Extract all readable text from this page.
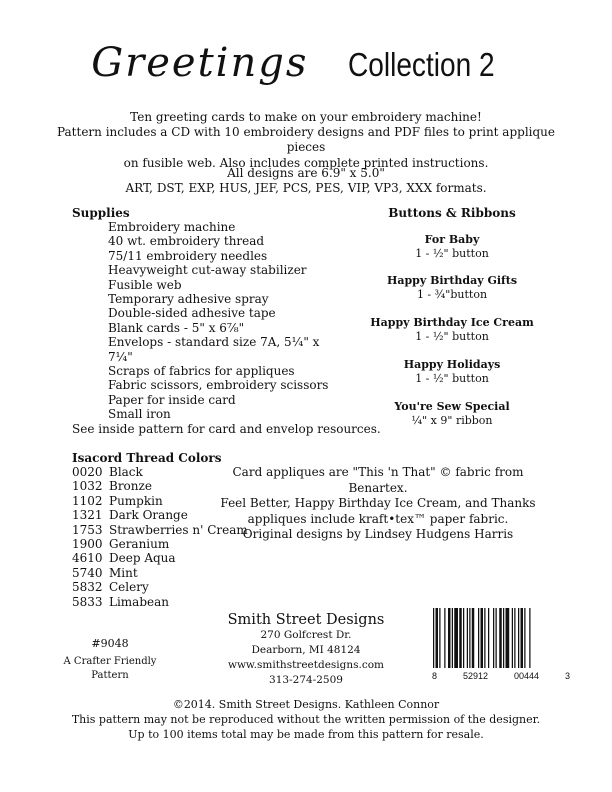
Greetings Collection 2
Ten greeting cards to make on your embroidery machine!
Pattern includes a CD with 10 embroidery designs and PDF files to print applique pieces
on fusible web. Also includes complete printed instructions.
All designs are 6.9" x 5.0"
ART, DST, EXP, HUS, JEF, PCS, PES, VIP, VP3, XXX formats.
Supplies
Embroidery machine
40 wt. embroidery thread
75/11 embroidery needles
Heavyweight cut-away stabilizer
Fusible web
Temporary adhesive spray
Double-sided adhesive tape
Blank cards - 5" x 6⅞"
Envelops - standard size 7A, 5¼" x 7¼"
Scraps of fabrics for appliques
Fabric scissors, embroidery scissors
Paper for inside card
Small iron
See inside pattern for card and envelop resources.
Buttons & Ribbons
For Baby
1 - ½" button
Happy Birthday Gifts
1 - ¾"button
Happy Birthday Ice Cream
1 - ½" button
Happy Holidays
1 - ½" button
You're Sew Special
¼" x 9" ribbon
Isacord Thread Colors
0020 Black
1032 Bronze
1102 Pumpkin
1321 Dark Orange
1753 Strawberries n' Cream
1900 Geranium
4610 Deep Aqua
5740 Mint
5832 Celery
5833 Limabean
Card appliques are "This 'n That" © fabric from Benartex.
Feel Better, Happy Birthday Ice Cream, and Thanks
appliques include kraft•tex™ paper fabric.
Original designs by Lindsey Hudgens Harris
#9048
A Crafter Friendly
Pattern
Smith Street Designs
270 Golfcrest Dr.
Dearborn, MI 48124
www.smithstreetdesigns.com
313-274-2509	8	52912	00444	3
©2014. Smith Street Designs. Kathleen Connor
This pattern may not be reproduced without the written permission of the designer.
Up to 100 items total may be made from this pattern for resale.
